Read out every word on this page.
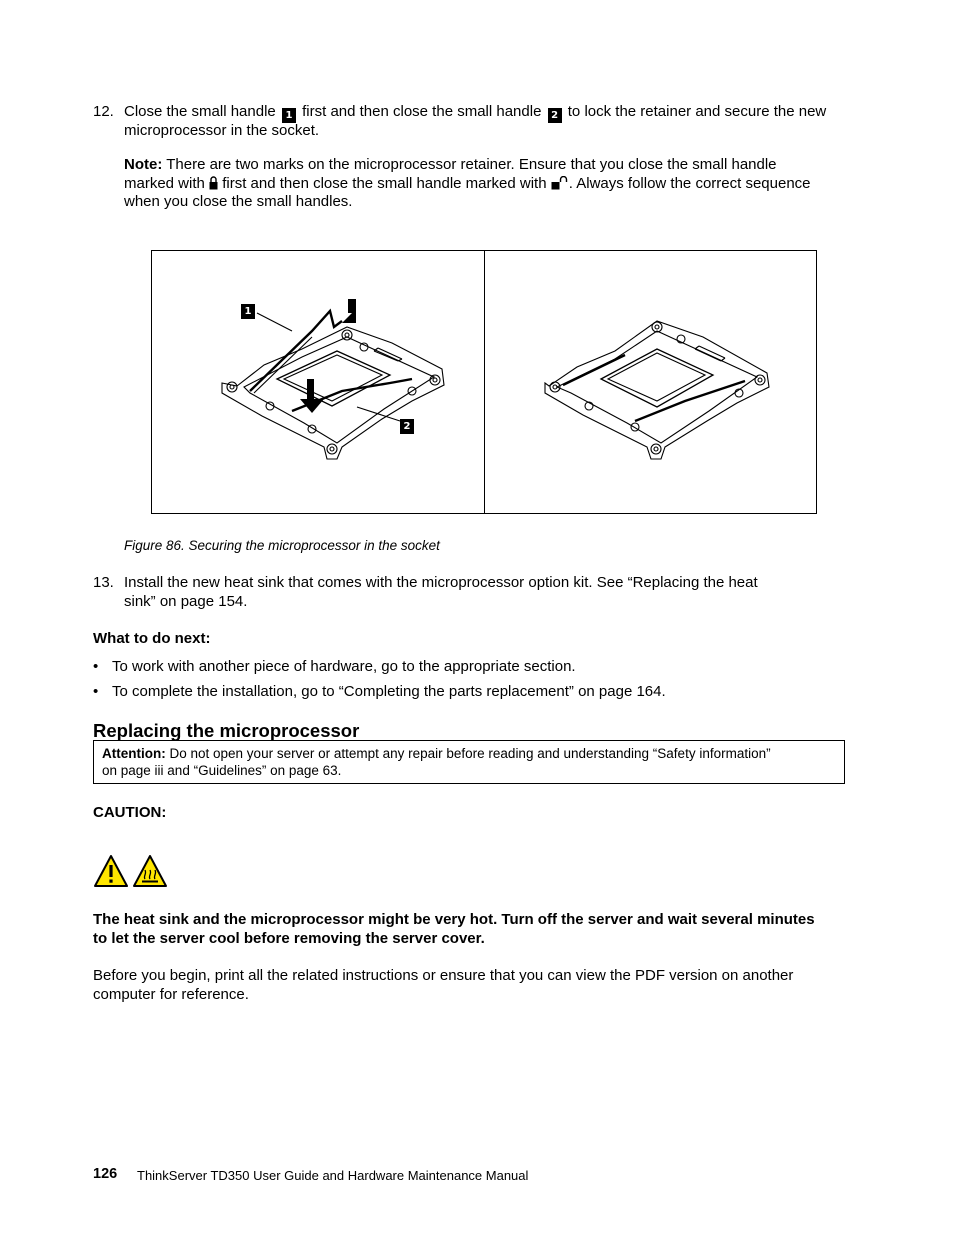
12. Close the small handle 1 first and then close the small handle 2 to lock the retainer and secure the new
microprocessor in the socket.
Note: There are two marks on the microprocessor retainer. Ensure that you close the small handle
marked with first and then close the small handle marked with . Always follow the correct sequence
when you close the small handles.
1
2
Figure 86. Securing the microprocessor in the socket
13. Install the new heat sink that comes with the microprocessor option kit. See “Replacing the heat
sink” on page 154.
What to do next:
• To work with another piece of hardware, go to the appropriate section.
• To complete the installation, go to “Completing the parts replacement” on page 164.
Replacing the microprocessor
Attention: Do not open your server or attempt any repair before reading and understanding “Safety information”
on page iii and “Guidelines” on page 63.
CAUTION:
The heat sink and the microprocessor might be very hot. Turn off the server and wait several minutes
to let the server cool before removing the server cover.
Before you begin, print all the related instructions or ensure that you can view the PDF version on another
computer for reference.
126 ThinkServer TD350 User Guide and Hardware Maintenance Manual
